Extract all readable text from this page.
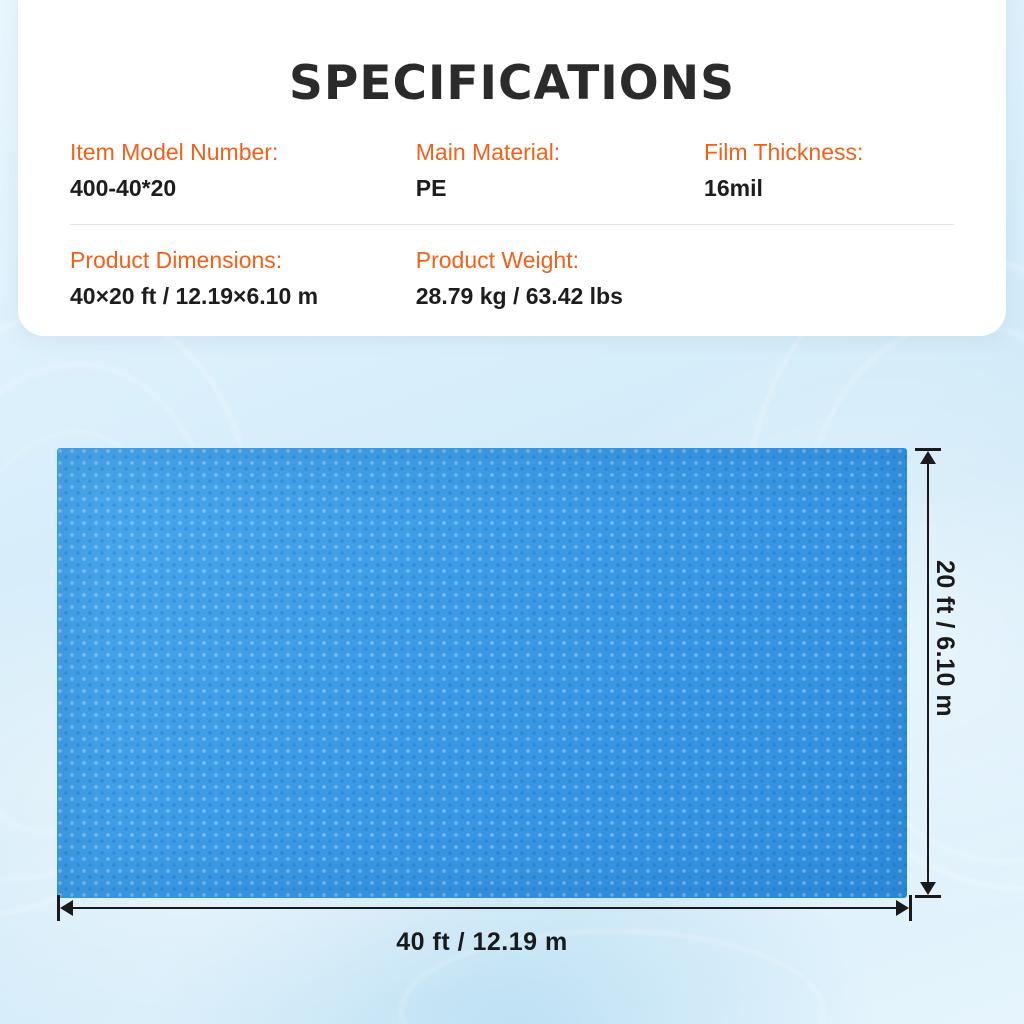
SPECIFICATIONS
Item Model Number:
400-40*20
Main Material:
PE
Film Thickness:
16mil
Product Dimensions:
40×20 ft / 12.19×6.10 m
Product Weight:
28.79 kg / 63.42 lbs
20 ft / 6.10 m
40 ft / 12.19 m
